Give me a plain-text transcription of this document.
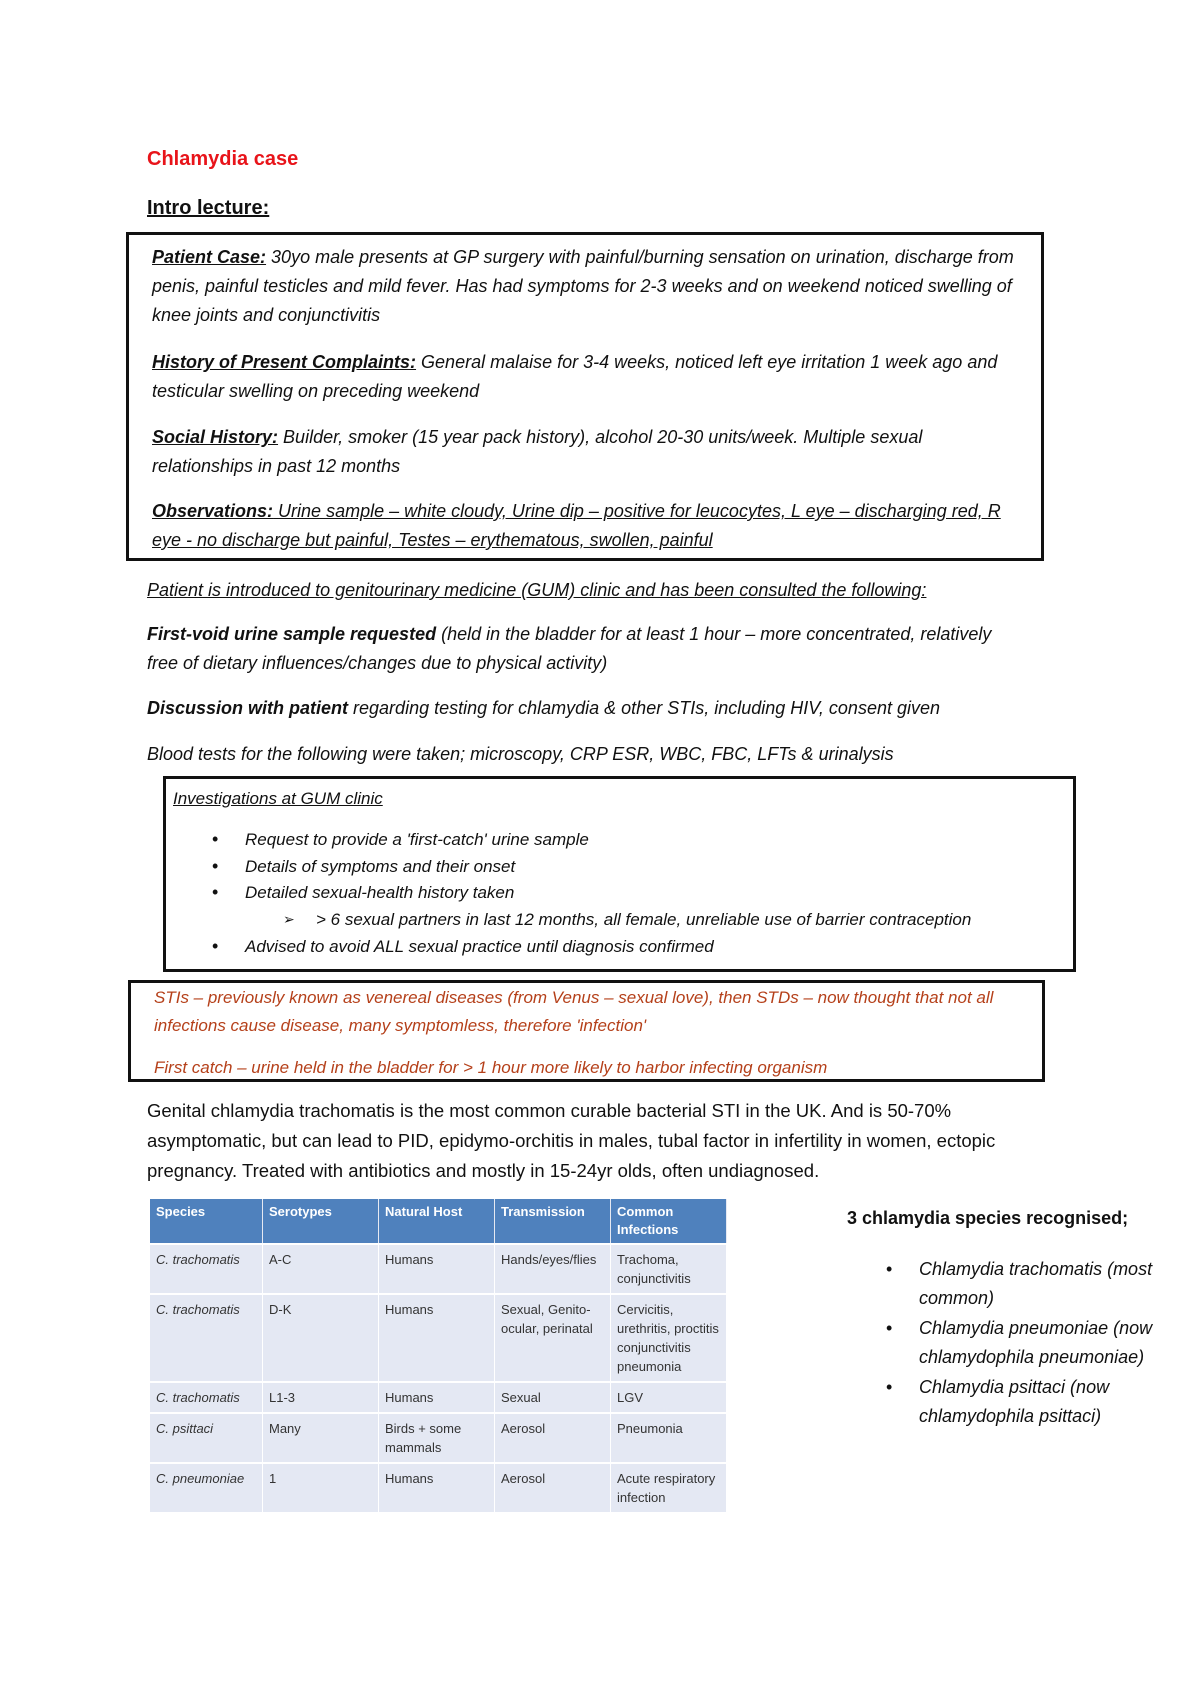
Chlamydia case
Intro lecture:
Patient Case: 30yo male presents at GP surgery with painful/burning sensation on urination, discharge from penis, painful testicles and mild fever. Has had symptoms for 2-3 weeks and on weekend noticed swelling of knee joints and conjunctivitis
History of Present Complaints: General malaise for 3-4 weeks, noticed left eye irritation 1 week ago and testicular swelling on preceding weekend
Social History: Builder, smoker (15 year pack history), alcohol 20-30 units/week. Multiple sexual relationships in past 12 months
Observations: Urine sample – white cloudy, Urine dip – positive for leucocytes, L eye – discharging red, R eye - no discharge but painful, Testes – erythematous, swollen, painful
Patient is introduced to genitourinary medicine (GUM) clinic and has been consulted the following:
First-void urine sample requested (held in the bladder for at least 1 hour – more concentrated, relatively free of dietary influences/changes due to physical activity)
Discussion with patient regarding testing for chlamydia & other STIs, including HIV, consent given
Blood tests for the following were taken; microscopy, CRP ESR, WBC, FBC, LFTs & urinalysis
Investigations at GUM clinic
• Request to provide a 'first-catch' urine sample
• Details of symptoms and their onset
• Detailed sexual-health history taken
➢ > 6 sexual partners in last 12 months, all female, unreliable use of barrier contraception
• Advised to avoid ALL sexual practice until diagnosis confirmed
STIs – previously known as venereal diseases (from Venus – sexual love), then STDs – now thought that not all infections cause disease, many symptomless, therefore 'infection'
First catch – urine held in the bladder for > 1 hour more likely to harbor infecting organism
Genital chlamydia trachomatis is the most common curable bacterial STI in the UK. And is 50-70% asymptomatic, but can lead to PID, epidymo-orchitis in males, tubal factor in infertility in women, ectopic pregnancy. Treated with antibiotics and mostly in 15-24yr olds, often undiagnosed.
Species	Serotypes	Natural Host	Transmission	Common Infections
C. trachomatis	A-C	Humans	Hands/eyes/flies	Trachoma, conjunctivitis
C. trachomatis	D-K	Humans	Sexual, Genito-ocular, perinatal	Cervicitis, urethritis, proctitis conjunctivitis pneumonia
C. trachomatis	L1-3	Humans	Sexual	LGV
C. psittaci	Many	Birds + some mammals	Aerosol	Pneumonia
C. pneumoniae	1	Humans	Aerosol	Acute respiratory infection
3 chlamydia species recognised;
• Chlamydia trachomatis (most common)
• Chlamydia pneumoniae (now chlamydophila pneumoniae)
• Chlamydia psittaci (now chlamydophila psittaci)
